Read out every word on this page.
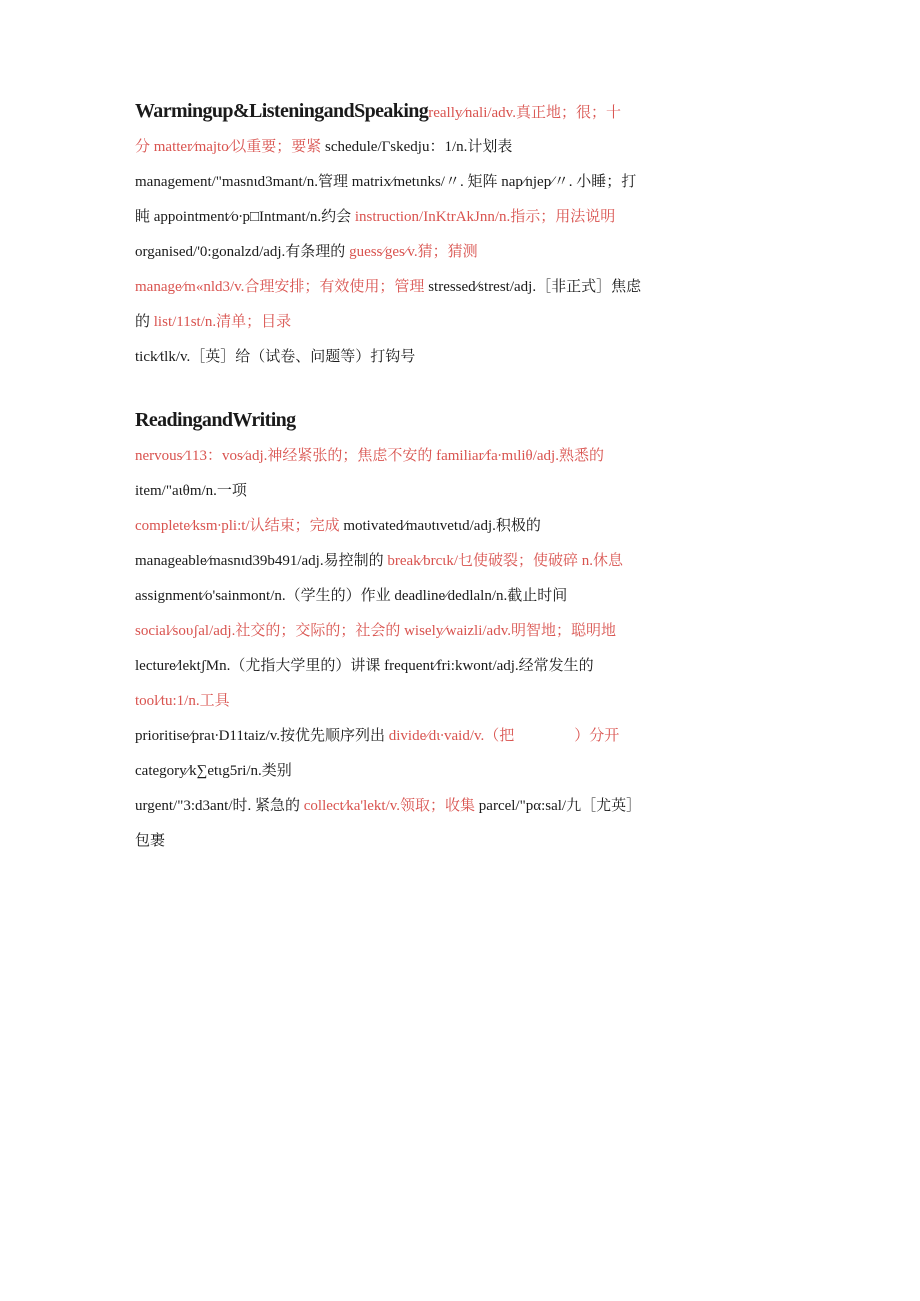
Warmingup&ListeningandSpeakingreally⁄nali/adv.真正地；很；十
分 matter⁄majto⁄以重要；要紧 schedule/Γskedju：1/n.计划表
management/"masnιd3mant/n.管理 matrix⁄metιnks/〃. 矩阵 nap⁄njep⁄〃. 小睡；打
盹 appointment⁄o∙p□Intmant/n.约会 instruction/InKtrAkJnn/n.指示；用法说明
organised/'0:gonalzd/adj.有条理的 guess⁄ges⁄v.猜；猜测
manage⁄m«nld3/v.合理安排；有效使用；管理 stressed⁄strest/adj.［非正式］焦虑
的 list/11st/n.清单；目录
tick⁄tlk/v.［英］给（试卷、问题等）打钩号
ReadingandWriting
nervous⁄113：vos⁄adj.神经紧张的；焦虑不安的 familiar⁄fa∙mιliθ/adj.熟悉的
item/"aιθm/n.一项
complete⁄ksm∙pli:t/认结束；完成 motivated⁄maυtιvetιd/adj.积极的
manageable⁄masnιd39b491/adj.易控制的 break⁄brcιk/乜使破裂；使破碎 n.休息
assignment⁄o'sainmont/n.（学生的）作业 deadline⁄dedlaln/n.截止时间
social⁄soυʃal/adj.社交的；交际的；社会的 wisely⁄waizli/adv.明智地；聪明地
lecture⁄lektʃMn.（尤指大学里的）讲课 frequent⁄fri:kwont/adj.经常发生的
tool⁄tu:1/n.工具
prioritise⁄praι∙D11taiz/v.按优先顺序列出 divide⁄dι∙vaid/v.（把　　　　）分开
category⁄k∑etιg5ri/n.类别
urgent/"3:d3ant/时. 紧急的 collect⁄ka'lekt/v.领取；收集 parcel/"pα:sal/九［尤英］
包裹
